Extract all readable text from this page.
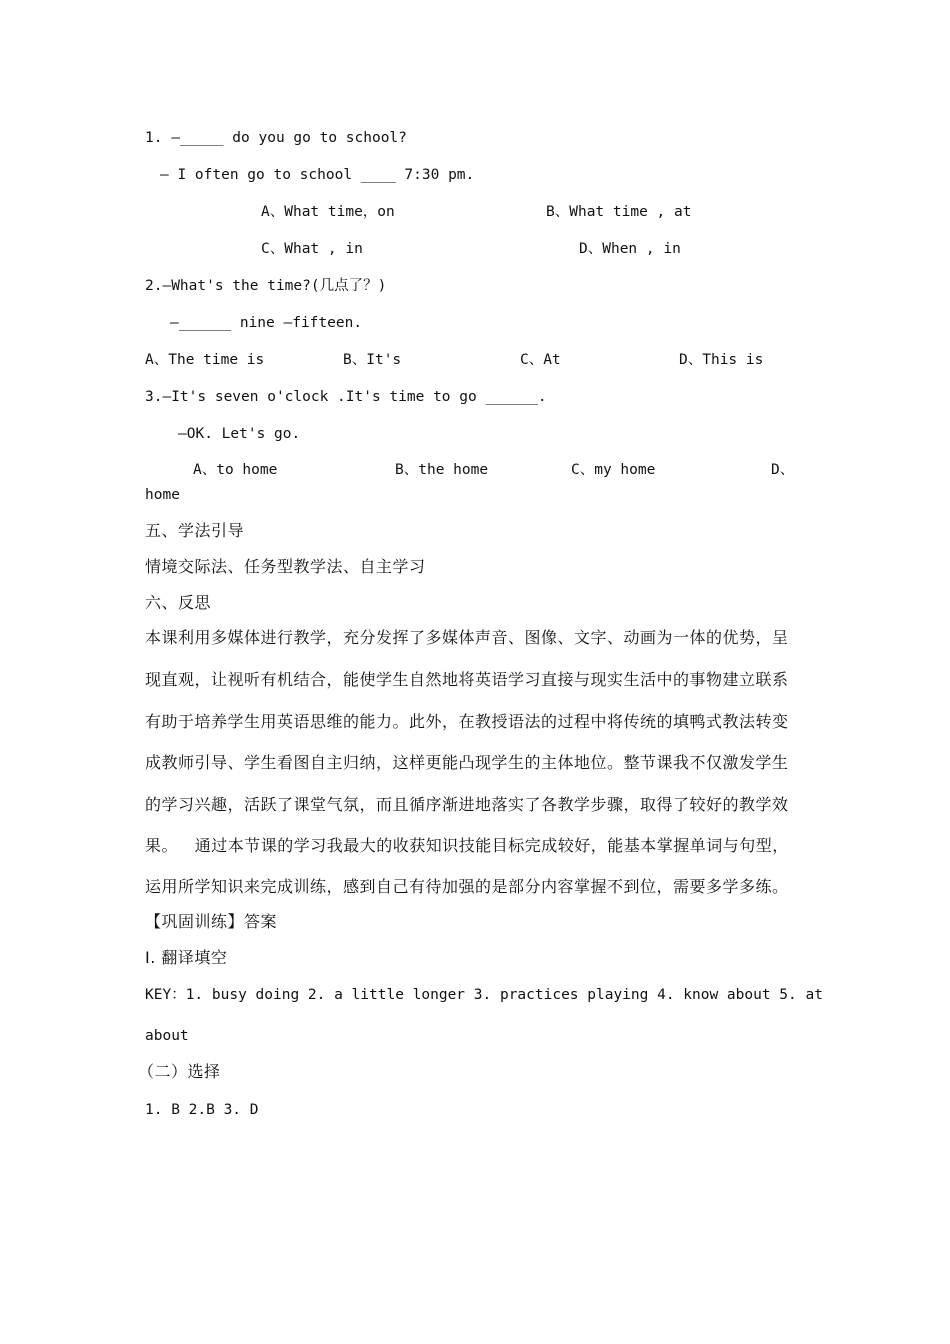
1. —_____ do you go to school?
— I often go to school ____ 7:30 pm.
A、What time，on	B、What time , at
C、What , in	D、When , in
2.—What's the time?(几点了？)
—______ nine —fifteen.
A、The time is	B、It's	C、At	D、This is
3.—It's seven o'clock .It's time to go ______.
—OK. Let's go.
A、to home	B、the home	C、my home	D、
home
五、学法引导
情境交际法、任务型教学法、自主学习
六、反思
本课利用多媒体进行教学，充分发挥了多媒体声音、图像、文字、动画为一体的优势，呈
现直观，让视听有机结合，能使学生自然地将英语学习直接与现实生活中的事物建立联系
有助于培养学生用英语思维的能力。此外，在教授语法的过程中将传统的填鸭式教法转变
成教师引导、学生看图自主归纳，这样更能凸现学生的主体地位。整节课我不仅激发学生
的学习兴趣，活跃了课堂气氛，而且循序渐进地落实了各教学步骤，取得了较好的教学效
果。   通过本节课的学习我最大的收获知识技能目标完成较好，能基本掌握单词与句型，
运用所学知识来完成训练，感到自己有待加强的是部分内容掌握不到位，需要多学多练。
【巩固训练】答案
I. 翻译填空
KEY：1. busy doing 2. a little longer 3. practices playing 4. know about 5. at
about
（二）选择
1. B 2.B 3. D
